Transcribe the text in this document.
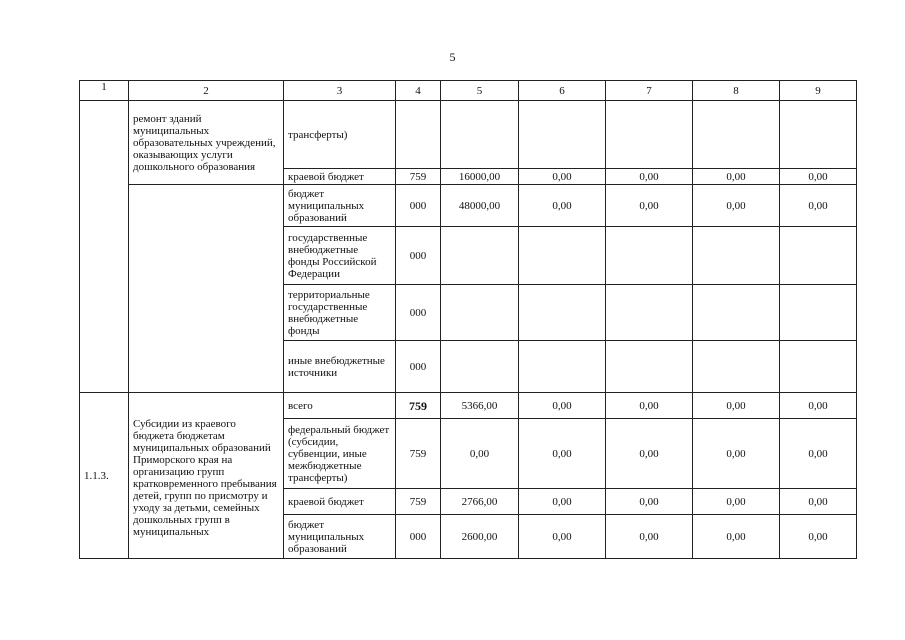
5
1	2	3	4	5	6	7	8	9
	ремонт зданий муниципальных образовательных учреждений, оказывающих услуги дошкольного образования	трансферты)						
		краевой бюджет	759	16000,00	0,00	0,00	0,00	0,00
		бюджет муниципальных образований	000	48000,00	0,00	0,00	0,00	0,00
		государственные внебюджетные фонды Российской Федерации	000					
		территориальные государственные внебюджетные фонды	000					
		иные внебюджетные источники	000					
1.1.3.	Субсидии из краевого бюджета бюджетам муниципальных образований Приморского края на организацию групп кратковременного пребывания детей, групп по присмотру и уходу за детьми, семейных дошкольных групп в муниципальных	всего	759	5366,00	0,00	0,00	0,00	0,00
		федеральный бюджет (субсидии, субвенции, иные межбюджетные трансферты)	759	0,00	0,00	0,00	0,00	0,00
		краевой бюджет	759	2766,00	0,00	0,00	0,00	0,00
		бюджет муниципальных образований	000	2600,00	0,00	0,00	0,00	0,00
